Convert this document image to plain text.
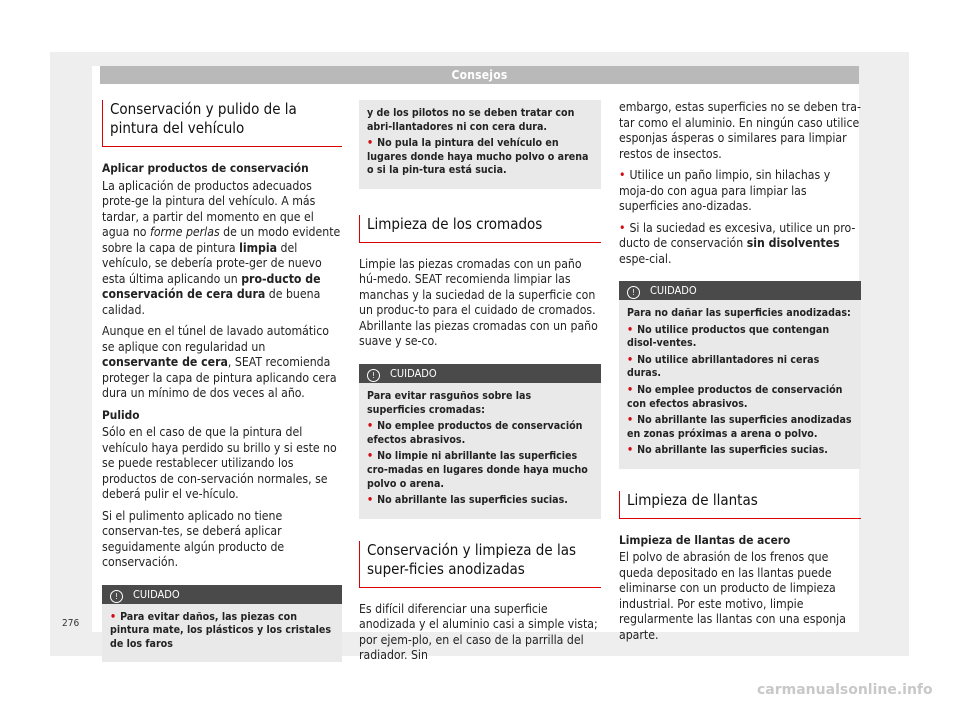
Consejos
Conservación y pulido de la pintura del vehículo
Aplicar productos de conservación

La aplicación de productos adecuados prote-ge la pintura del vehículo. A más tardar, a partir del momento en que el agua no forme perlas de un modo evidente sobre la capa de pintura limpia del vehículo, se debería prote-ger de nuevo esta última aplicando un pro-ducto de conservación de cera dura de buena calidad.

Aunque en el túnel de lavado automático se aplique con regularidad un conservante de cera, SEAT recomienda proteger la capa de pintura aplicando cera dura un mínimo de dos veces al año.

Pulido

Sólo en el caso de que la pintura del vehículo haya perdido su brillo y si este no se puede restablecer utilizando los productos de con-servación normales, se deberá pulir el ve-hículo.

Si el pulimento aplicado no tiene conservan-tes, se deberá aplicar seguidamente algún producto de conservación.

! CUIDADO

• Para evitar daños, las piezas con pintura mate, los plásticos y los cristales de los faros

y de los pilotos no se deben tratar con abri-llantadores ni con cera dura.

• No pula la pintura del vehículo en lugares donde haya mucho polvo o arena o si la pin-tura está sucia.

Limpieza de los cromados

Limpie las piezas cromadas con un paño hú-medo. SEAT recomienda limpiar las manchas y la suciedad de la superficie con un produc-to para el cuidado de cromados. Abrillante las piezas cromadas con un paño suave y se-co.

! CUIDADO

Para evitar rasguños sobre las superficies cromadas:

• No emplee productos de conservación efectos abrasivos.

• No limpie ni abrillante las superficies cro-madas en lugares donde haya mucho polvo o arena.

• No abrillante las superficies sucias.

Conservación y limpieza de las super-ficies anodizadas

Es difícil diferenciar una superficie anodizada y el aluminio casi a simple vista; por ejem-plo, en el caso de la parrilla del radiador. Sin

embargo, estas superficies no se deben tra-tar como el aluminio. En ningún caso utilice esponjas ásperas o similares para limpiar restos de insectos.

• Utilice un paño limpio, sin hilachas y moja-do con agua para limpiar las superficies ano-dizadas.

• Si la suciedad es excesiva, utilice un pro-ducto de conservación sin disolventes espe-cial.

! CUIDADO

Para no dañar las superficies anodizadas:

• No utilice productos que contengan disol-ventes.

• No utilice abrillantadores ni ceras duras.

• No emplee productos de conservación con efectos abrasivos.

• No abrillante las superficies anodizadas en zonas próximas a arena o polvo.

• No abrillante las superficies sucias.

Limpieza de llantas
Limpieza de llantas de acero

El polvo de abrasión de los frenos que queda depositado en las llantas puede eliminarse con un producto de limpieza industrial. Por este motivo, limpie regularmente las llantas con una esponja aparte.

276
carmanualsonline.info
